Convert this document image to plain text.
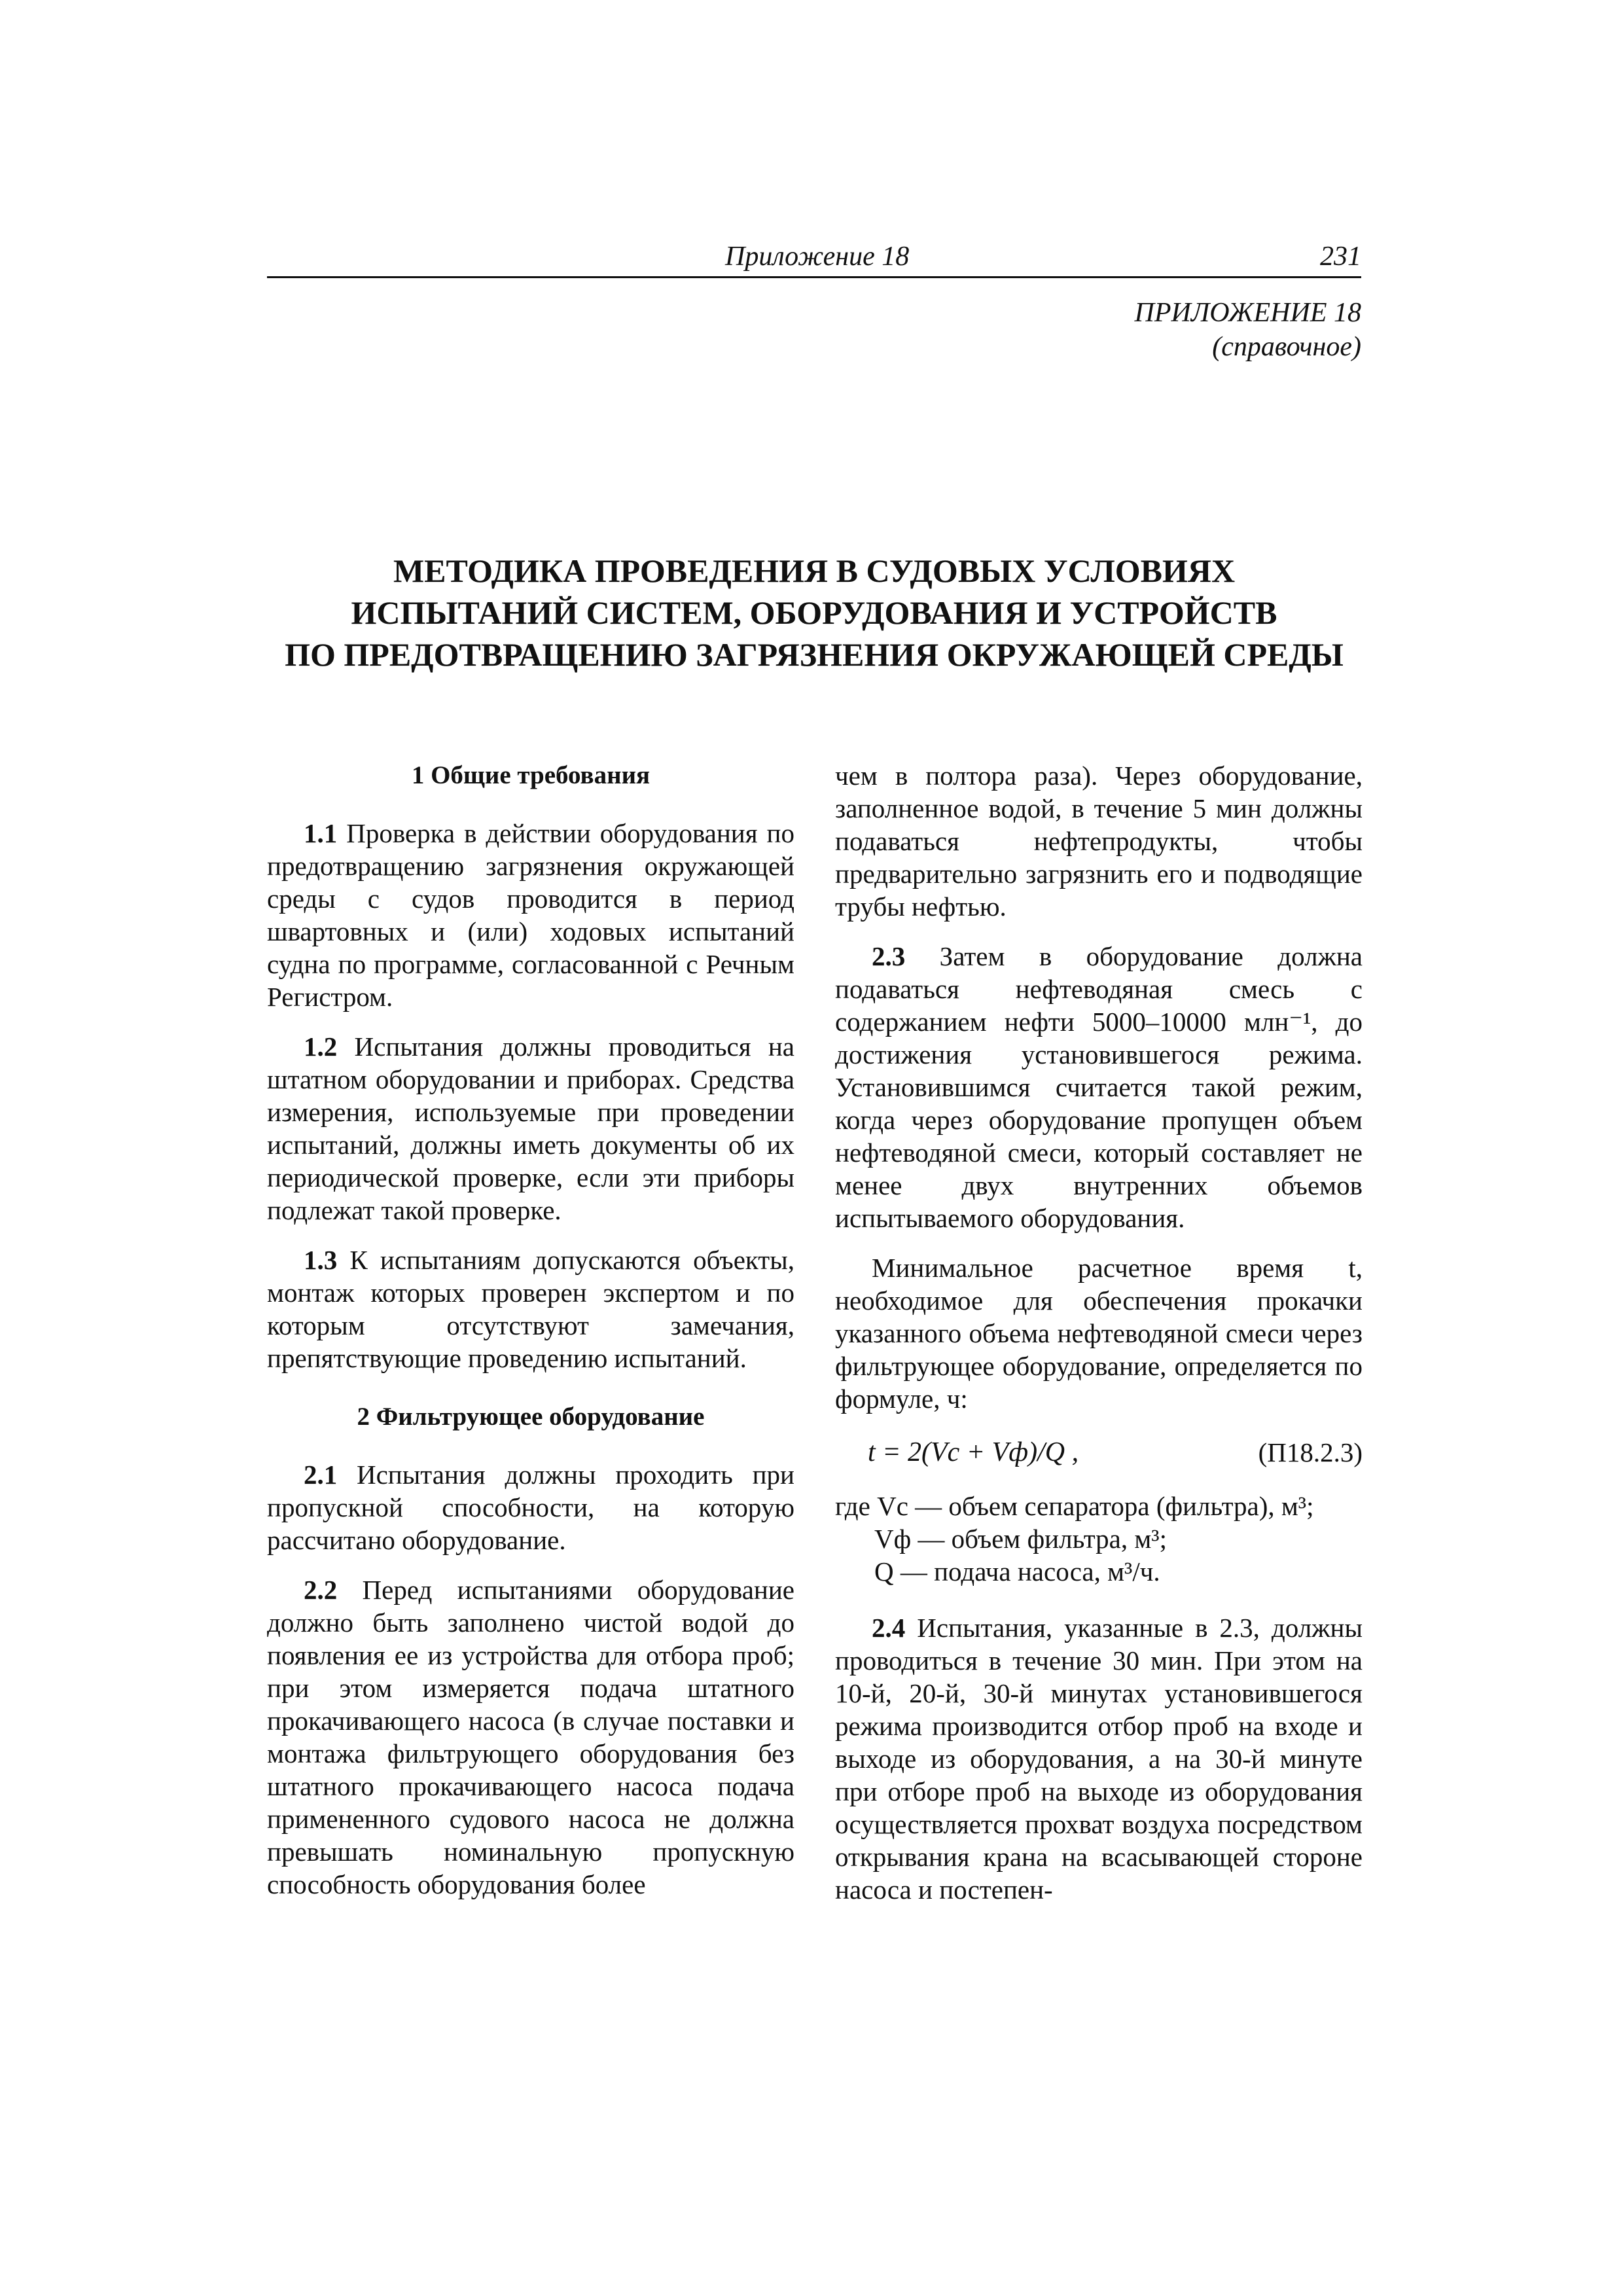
Приложение 18	231
ПРИЛОЖЕНИЕ 18
(справочное)
МЕТОДИКА ПРОВЕДЕНИЯ В СУДОВЫХ УСЛОВИЯХ
ИСПЫТАНИЙ СИСТЕМ, ОБОРУДОВАНИЯ И УСТРОЙСТВ
ПО ПРЕДОТВРАЩЕНИЮ ЗАГРЯЗНЕНИЯ ОКРУЖАЮЩЕЙ СРЕДЫ
1 Общие требования

1.1 Проверка в действии оборудования по предотвращению загрязнения окружающей среды с судов проводится в период швартовных и (или) ходовых испытаний судна по программе, согласованной с Речным Регистром.

1.2 Испытания должны проводиться на штатном оборудовании и приборах. Средства измерения, используемые при проведении испытаний, должны иметь документы об их периодической проверке, если эти приборы подлежат такой проверке.

1.3 К испытаниям допускаются объекты, монтаж которых проверен экспертом и по которым отсутствуют замечания, препятствующие проведению испытаний.

2 Фильтрующее оборудование

2.1 Испытания должны проходить при пропускной способности, на которую рассчитано оборудование.

2.2 Перед испытаниями оборудование должно быть заполнено чистой водой до появления ее из устройства для отбора проб; при этом измеряется подача штатного прокачивающего насоса (в случае поставки и монтажа фильтрующего оборудования без штатного прокачивающего насоса подача примененного судового насоса не должна превышать номинальную пропускную способность оборудования более

чем в полтора раза). Через оборудование, заполненное водой, в течение 5 мин должны подаваться нефтепродукты, чтобы предварительно загрязнить его и подводящие трубы нефтью.

2.3 Затем в оборудование должна подаваться нефтеводяная смесь с содержанием нефти 5000–10000 млн⁻¹, до достижения установившегося режима. Установившимся считается такой режим, когда через оборудование пропущен объем нефтеводяной смеси, который составляет не менее двух внутренних объемов испытываемого оборудования.

Минимальное расчетное время t, необходимое для обеспечения прокачки указанного объема нефтеводяной смеси через фильтрующее оборудование, определяется по формуле, ч:

t = 2(Vс + Vф)/Q ,	(П18.2.3)
где Vс — объем сепаратора (фильтра), м³;
Vф — объем фильтра, м³;
Q — подача насоса, м³/ч.

2.4 Испытания, указанные в 2.3, должны проводиться в течение 30 мин. При этом на 10-й, 20-й, 30-й минутах установившегося режима производится отбор проб на входе и выходе из оборудования, а на 30-й минуте при отборе проб на выходе из оборудования осуществляется прохват воздуха посредством открывания крана на всасывающей стороне насоса и постепен-
